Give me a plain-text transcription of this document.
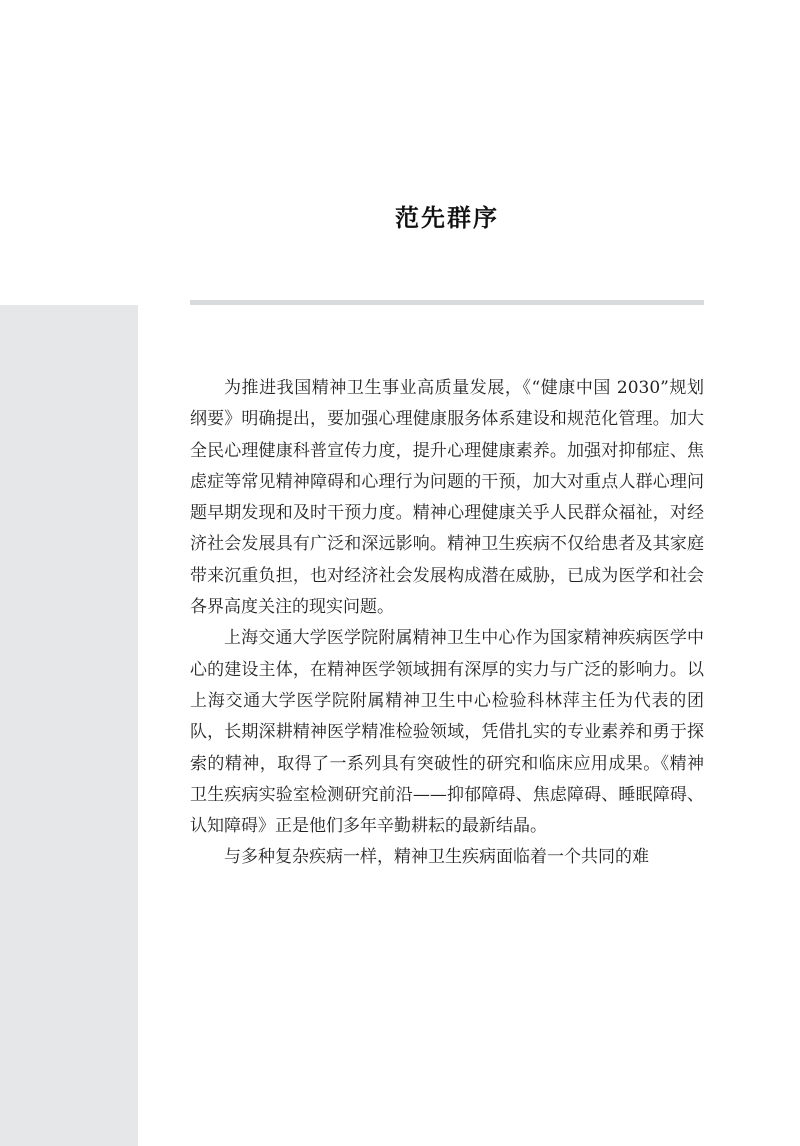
范先群序

为推进我国精神卫生事业高质量发展，《“健康中国 2030”规划纲要》明确提出，要加强心理健康服务体系建设和规范化管理。加大全民心理健康科普宣传力度，提升心理健康素养。加强对抑郁症、焦虑症等常见精神障碍和心理行为问题的干预，加大对重点人群心理问题早期发现和及时干预力度。精神心理健康关乎人民群众福祉，对经济社会发展具有广泛和深远影响。精神卫生疾病不仅给患者及其家庭带来沉重负担，也对经济社会发展构成潜在威胁，已成为医学和社会各界高度关注的现实问题。

上海交通大学医学院附属精神卫生中心作为国家精神疾病医学中心的建设主体，在精神医学领域拥有深厚的实力与广泛的影响力。以上海交通大学医学院附属精神卫生中心检验科林萍主任为代表的团队，长期深耕精神医学精准检验领域，凭借扎实的专业素养和勇于探索的精神，取得了一系列具有突破性的研究和临床应用成果。《精神卫生疾病实验室检测研究前沿——抑郁障碍、焦虑障碍、睡眠障碍、认知障碍》正是他们多年辛勤耕耘的最新结晶。

与多种复杂疾病一样，精神卫生疾病面临着一个共同的难
